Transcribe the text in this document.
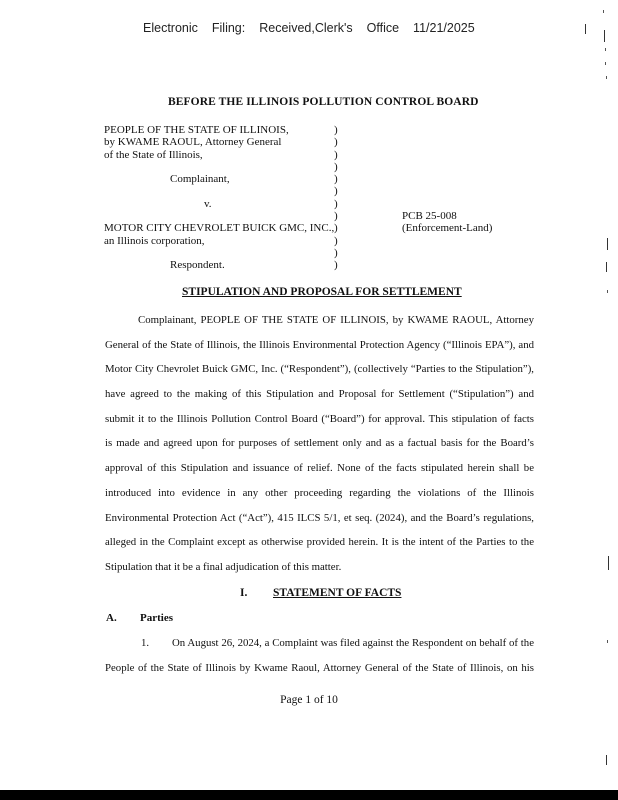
Electronic Filing: Received,Clerk's Office 11/21/2025
BEFORE THE ILLINOIS POLLUTION CONTROL BOARD
PEOPLE OF THE STATE OF ILLINOIS,
by KWAME RAOUL, Attorney General
of the State of Illinois,
Complainant,
v.
MOTOR CITY CHEVROLET BUICK GMC, INC.,
an Illinois corporation,
Respondent.
)
)
)
)
)
)
)
)
)
)
)
)
PCB 25-008
(Enforcement-Land)
STIPULATION AND PROPOSAL FOR SETTLEMENT
Complainant, PEOPLE OF THE STATE OF ILLINOIS, by KWAME RAOUL, Attorney
General of the State of Illinois, the Illinois Environmental Protection Agency (“Illinois EPA”), and
Motor City Chevrolet Buick GMC, Inc. (“Respondent”), (collectively “Parties to the Stipulation”),
have agreed to the making of this Stipulation and Proposal for Settlement (“Stipulation”) and
submit it to the Illinois Pollution Control Board (“Board”) for approval. This stipulation of facts
is made and agreed upon for purposes of settlement only and as a factual basis for the Board’s
approval of this Stipulation and issuance of relief. None of the facts stipulated herein shall be
introduced into evidence in any other proceeding regarding the violations of the Illinois
Environmental Protection Act (“Act”), 415 ILCS 5/1, et seq. (2024), and the Board’s regulations,
alleged in the Complaint except as otherwise provided herein. It is the intent of the Parties to the
Stipulation that it be a final adjudication of this matter.
I. STATEMENT OF FACTS
A. Parties
1. On August 26, 2024, a Complaint was filed against the Respondent on behalf of the
People of the State of Illinois by Kwame Raoul, Attorney General of the State of Illinois, on his
Page 1 of 10
